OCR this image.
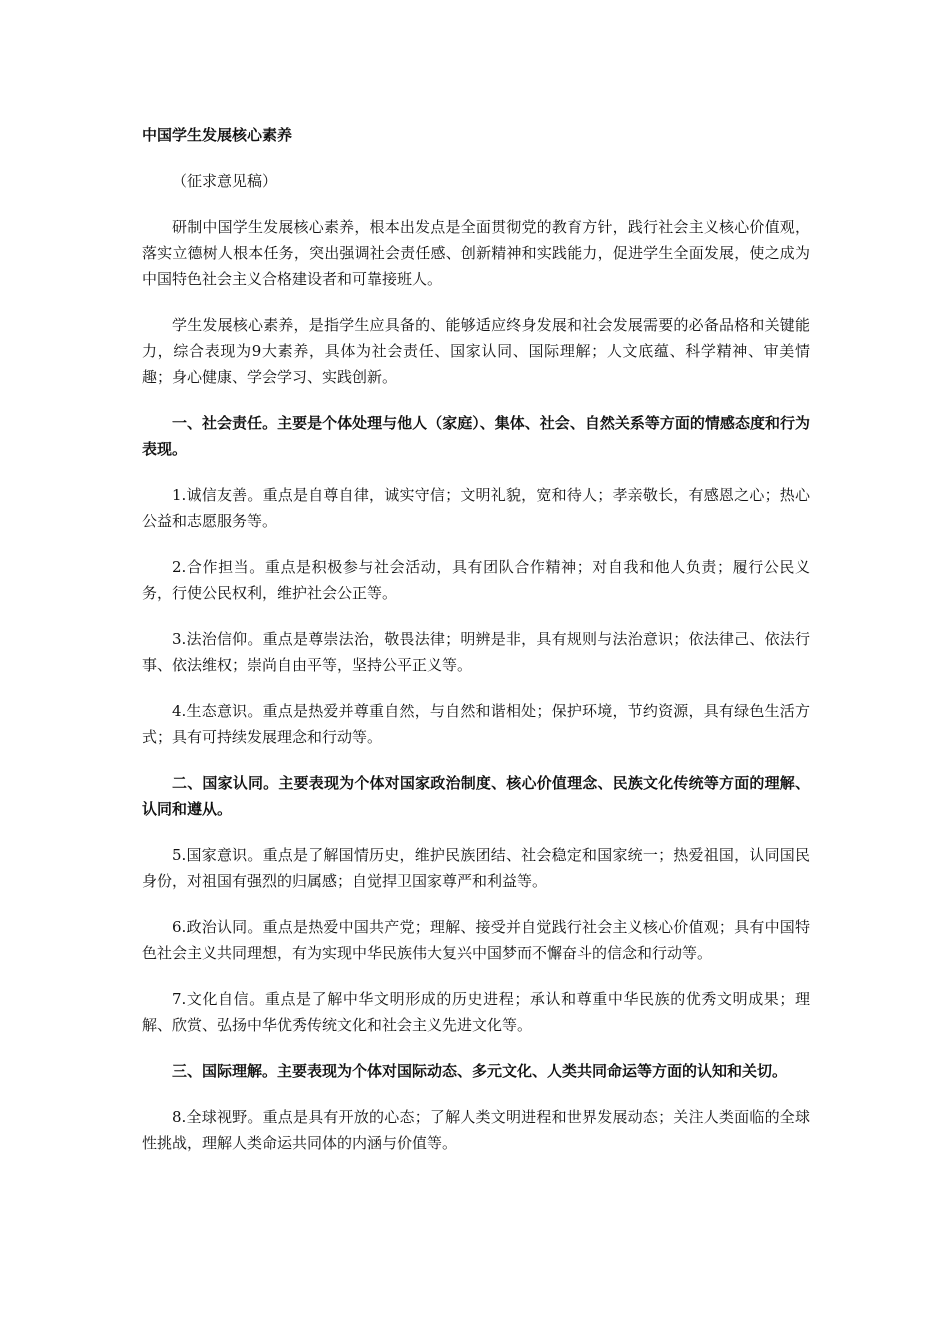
中国学生发展核心素养
（征求意见稿）
研制中国学生发展核心素养，根本出发点是全面贯彻党的教育方针，践行社会主义核心价值观，落实立德树人根本任务，突出强调社会责任感、创新精神和实践能力，促进学生全面发展，使之成为中国特色社会主义合格建设者和可靠接班人。
学生发展核心素养，是指学生应具备的、能够适应终身发展和社会发展需要的必备品格和关键能力，综合表现为9大素养，具体为社会责任、国家认同、国际理解；人文底蕴、科学精神、审美情趣；身心健康、学会学习、实践创新。
一、社会责任。主要是个体处理与他人（家庭）、集体、社会、自然关系等方面的情感态度和行为表现。
1.诚信友善。重点是自尊自律，诚实守信；文明礼貌，宽和待人；孝亲敬长，有感恩之心；热心公益和志愿服务等。
2.合作担当。重点是积极参与社会活动，具有团队合作精神；对自我和他人负责；履行公民义务，行使公民权利，维护社会公正等。
3.法治信仰。重点是尊崇法治，敬畏法律；明辨是非，具有规则与法治意识；依法律己、依法行事、依法维权；崇尚自由平等，坚持公平正义等。
4.生态意识。重点是热爱并尊重自然，与自然和谐相处；保护环境，节约资源，具有绿色生活方式；具有可持续发展理念和行动等。
二、国家认同。主要表现为个体对国家政治制度、核心价值理念、民族文化传统等方面的理解、认同和遵从。
5.国家意识。重点是了解国情历史，维护民族团结、社会稳定和国家统一；热爱祖国，认同国民身份，对祖国有强烈的归属感；自觉捍卫国家尊严和利益等。
6.政治认同。重点是热爱中国共产党；理解、接受并自觉践行社会主义核心价值观；具有中国特色社会主义共同理想，有为实现中华民族伟大复兴中国梦而不懈奋斗的信念和行动等。
7.文化自信。重点是了解中华文明形成的历史进程；承认和尊重中华民族的优秀文明成果；理解、欣赏、弘扬中华优秀传统文化和社会主义先进文化等。
三、国际理解。主要表现为个体对国际动态、多元文化、人类共同命运等方面的认知和关切。
8.全球视野。重点是具有开放的心态；了解人类文明进程和世界发展动态；关注人类面临的全球性挑战，理解人类命运共同体的内涵与价值等。
